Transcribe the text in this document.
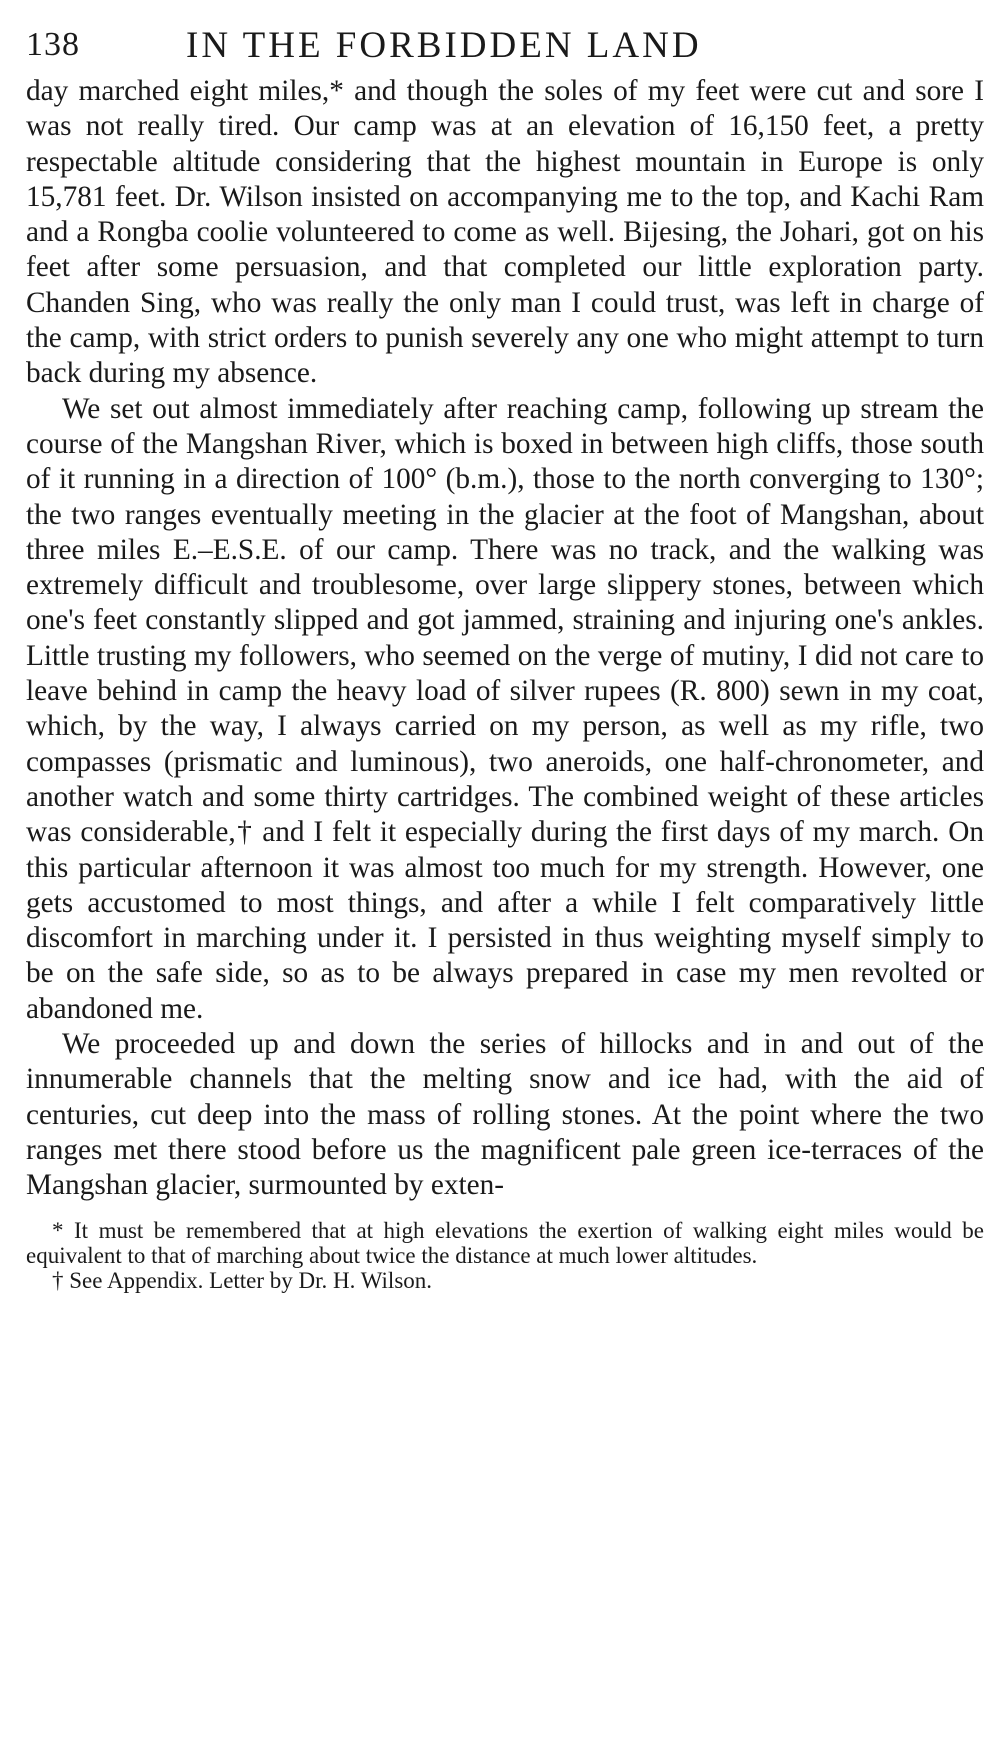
138	IN THE FORBIDDEN LAND

day marched eight miles,* and though the soles of my feet were cut and sore I was not really tired. Our camp was at an elevation of 16,150 feet, a pretty respectable altitude considering that the highest mountain in Europe is only 15,781 feet. Dr. Wilson insisted on accompanying me to the top, and Kachi Ram and a Rongba coolie volunteered to come as well. Bijesing, the Johari, got on his feet after some persuasion, and that completed our little exploration party. Chanden Sing, who was really the only man I could trust, was left in charge of the camp, with strict orders to punish severely any one who might attempt to turn back during my absence.

We set out almost immediately after reaching camp, following up stream the course of the Mangshan River, which is boxed in between high cliffs, those south of it running in a direction of 100° (b.m.), those to the north converging to 130°; the two ranges eventually meeting in the glacier at the foot of Mangshan, about three miles E.–E.S.E. of our camp. There was no track, and the walking was extremely difficult and troublesome, over large slippery stones, between which one's feet constantly slipped and got jammed, straining and injuring one's ankles. Little trusting my followers, who seemed on the verge of mutiny, I did not care to leave behind in camp the heavy load of silver rupees (R. 800) sewn in my coat, which, by the way, I always carried on my person, as well as my rifle, two compasses (prismatic and luminous), two aneroids, one half-chronometer, and another watch and some thirty cartridges. The combined weight of these articles was considerable,† and I felt it especially during the first days of my march. On this particular afternoon it was almost too much for my strength. However, one gets accustomed to most things, and after a while I felt comparatively little discomfort in marching under it. I persisted in thus weighting myself simply to be on the safe side, so as to be always prepared in case my men revolted or abandoned me.

We proceeded up and down the series of hillocks and in and out of the innumerable channels that the melting snow and ice had, with the aid of centuries, cut deep into the mass of rolling stones. At the point where the two ranges met there stood before us the magnificent pale green ice-terraces of the Mangshan glacier, surmounted by exten-

* It must be remembered that at high elevations the exertion of walking eight miles would be equivalent to that of marching about twice the distance at much lower altitudes.

† See Appendix. Letter by Dr. H. Wilson.
